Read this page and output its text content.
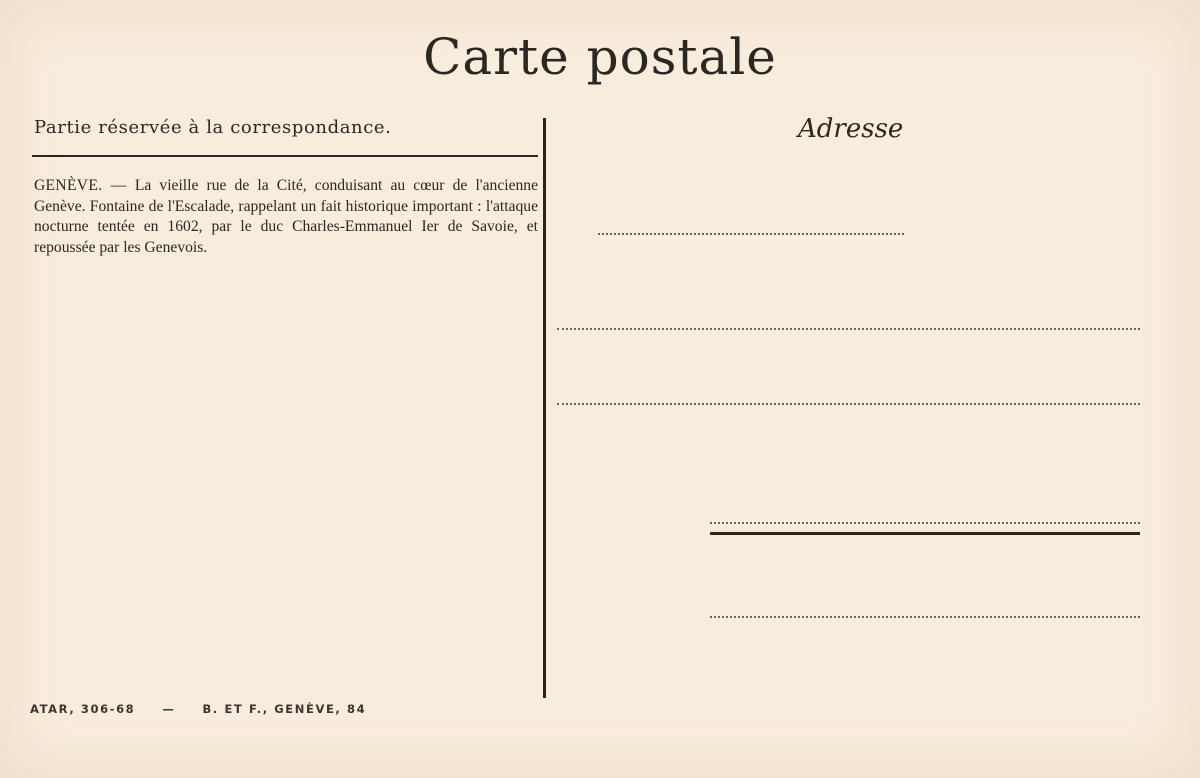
Carte postale
Partie réservée à la correspondance.
GENÈVE. — La vieille rue de la Cité, conduisant au cœur de l'ancienne Genève. Fontaine de l'Escalade, rappelant un fait historique important : l'attaque nocturne tentée en 1602, par le duc Charles-Emmanuel Ier de Savoie, et repoussée par les Genevois.
Adresse
ATAR, 306-68 — B. ET F., GENÈVE, 84
